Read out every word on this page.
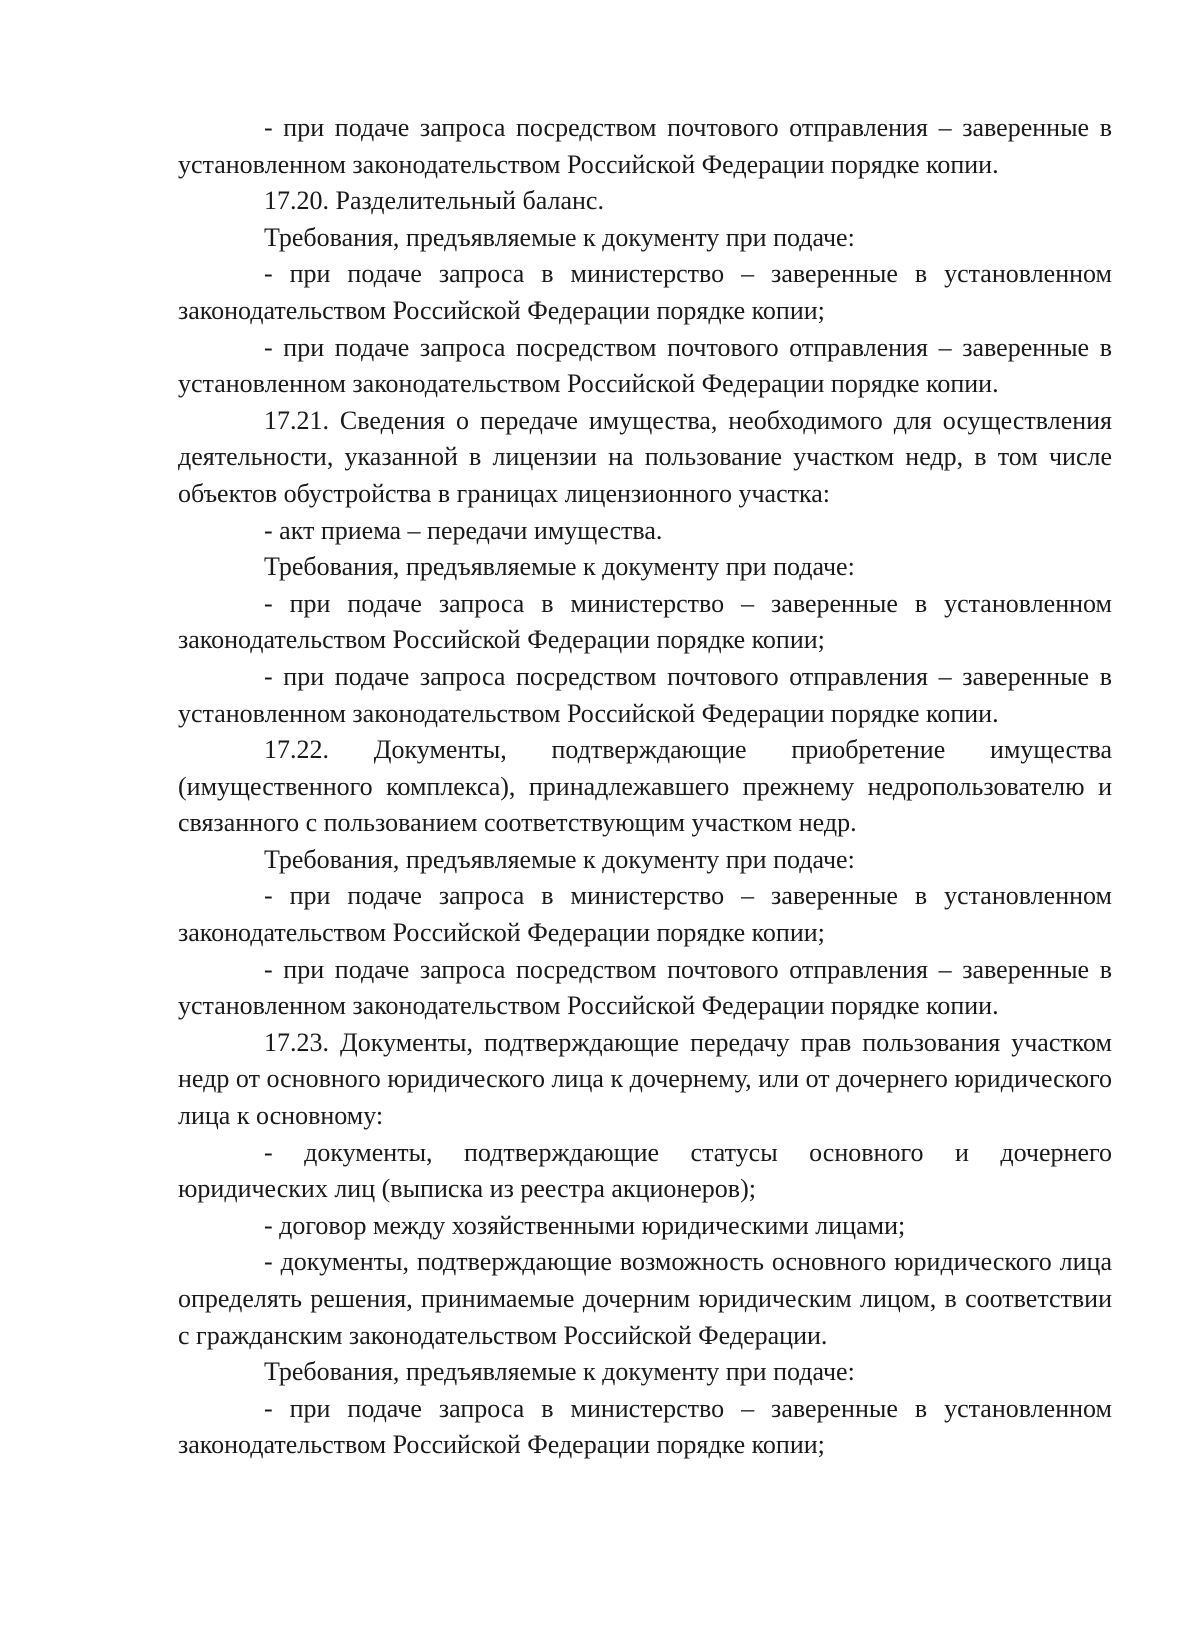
- при подаче запроса посредством почтового отправления – заверенные в установленном законодательством Российской Федерации порядке копии.

17.20. Разделительный баланс.

Требования, предъявляемые к документу при подаче:

- при подаче запроса в министерство – заверенные в установленном законодательством Российской Федерации порядке копии;

- при подаче запроса посредством почтового отправления – заверенные в установленном законодательством Российской Федерации порядке копии.

17.21. Сведения о передаче имущества, необходимого для осуществления деятельности, указанной в лицензии на пользование участком недр, в том числе объектов обустройства в границах лицензионного участка:

- акт приема – передачи имущества.

Требования, предъявляемые к документу при подаче:

- при подаче запроса в министерство – заверенные в установленном законодательством Российской Федерации порядке копии;

- при подаче запроса посредством почтового отправления – заверенные в установленном законодательством Российской Федерации порядке копии.

17.22. Документы, подтверждающие приобретение имущества (имущественного комплекса), принадлежавшего прежнему недропользователю и связанного с пользованием соответствующим участком недр.

Требования, предъявляемые к документу при подаче:

- при подаче запроса в министерство – заверенные в установленном законодательством Российской Федерации порядке копии;

- при подаче запроса посредством почтового отправления – заверенные в установленном законодательством Российской Федерации порядке копии.

17.23. Документы, подтверждающие передачу прав пользования участком недр от основного юридического лица к дочернему, или от дочернего юридического лица к основному:

- документы, подтверждающие статусы основного и дочернего юридических лиц (выписка из реестра акционеров);

- договор между хозяйственными юридическими лицами;

- документы, подтверждающие возможность основного юридического лица определять решения, принимаемые дочерним юридическим лицом, в соответствии с гражданским законодательством Российской Федерации.

Требования, предъявляемые к документу при подаче:

- при подаче запроса в министерство – заверенные в установленном законодательством Российской Федерации порядке копии;
